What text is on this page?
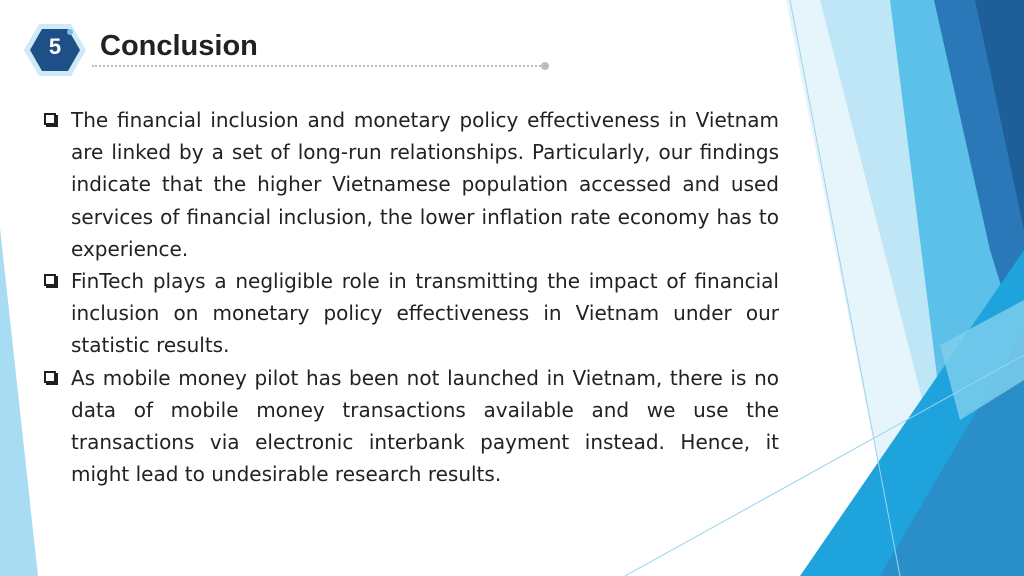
5	Conclusion
The financial inclusion and monetary policy effectiveness in Vietnam are linked by a set of long-run relationships. Particularly, our findings indicate that the higher Vietnamese population accessed and used services of financial inclusion, the lower inflation rate economy has to experience.
FinTech plays a negligible role in transmitting the impact of financial inclusion on monetary policy effectiveness in Vietnam under our statistic results.
As mobile money pilot has been not launched in Vietnam, there is no data of mobile money transactions available and we use the transactions via electronic interbank payment instead. Hence, it might lead to undesirable research results.
